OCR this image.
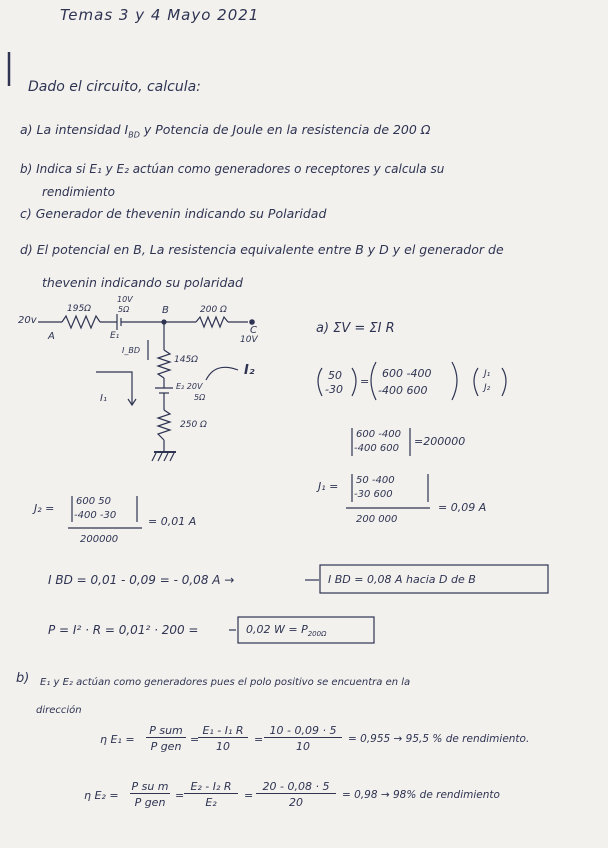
Temas 3 y 4 Mayo 2021
Dado el circuito, calcula:
a) La intensidad $I_{BD}$ y Potencia de Joule en la resistencia de 200 Ω
b) Indica si E₁ y E₂ actúan como generadores o receptores y calcula su
rendimiento
c) Generador de thevenin indicando su Polaridad
d) El potencial en B, La resistencia equivalente entre B y D y el generador de
thevenin indicando su polaridad
20v
195Ω
10V
5Ω
E₁
A
B	200 Ω
C
10V
I_BD
145Ω
E₂ 20V
5Ω
250 Ω
I₁
I₂
a) ΣV = ΣI R
50
-30
=
600 -400
-400 600
J₁
J₂
600 -400
-400 600
=200000
J₁ = 50 -400
-30 600
200 000
= 0,09 A
J₂ =
600 50
-400 -30
200000
= 0,01 A
I BD = 0,01 - 0,09 = - 0,08 A →	I BD = 0,08 A hacia D de B
P = I² · R = 0,01² · 200 =	0,02 $W = P_{200\Omega}$
b) E₁ y E₂ actúan como generadores pues el polo positivo se encuentra en la
dirección
η E₁ =
P sum
P gen
=
$\frac{\text{E₁ - I₁ R}}{10} = \frac{10 - 0,09 \cdot 5}{10} = 0,955 \to 95,5$ % de rendimiento.
η E₂ =
P su m
P gen
= $\frac{\text{E₂ - I₂ R}}{\text{E₂}} = \frac{20 - 0,08 \cdot 5}{20} = 0,98 \to 98\%$ de rendimiento
